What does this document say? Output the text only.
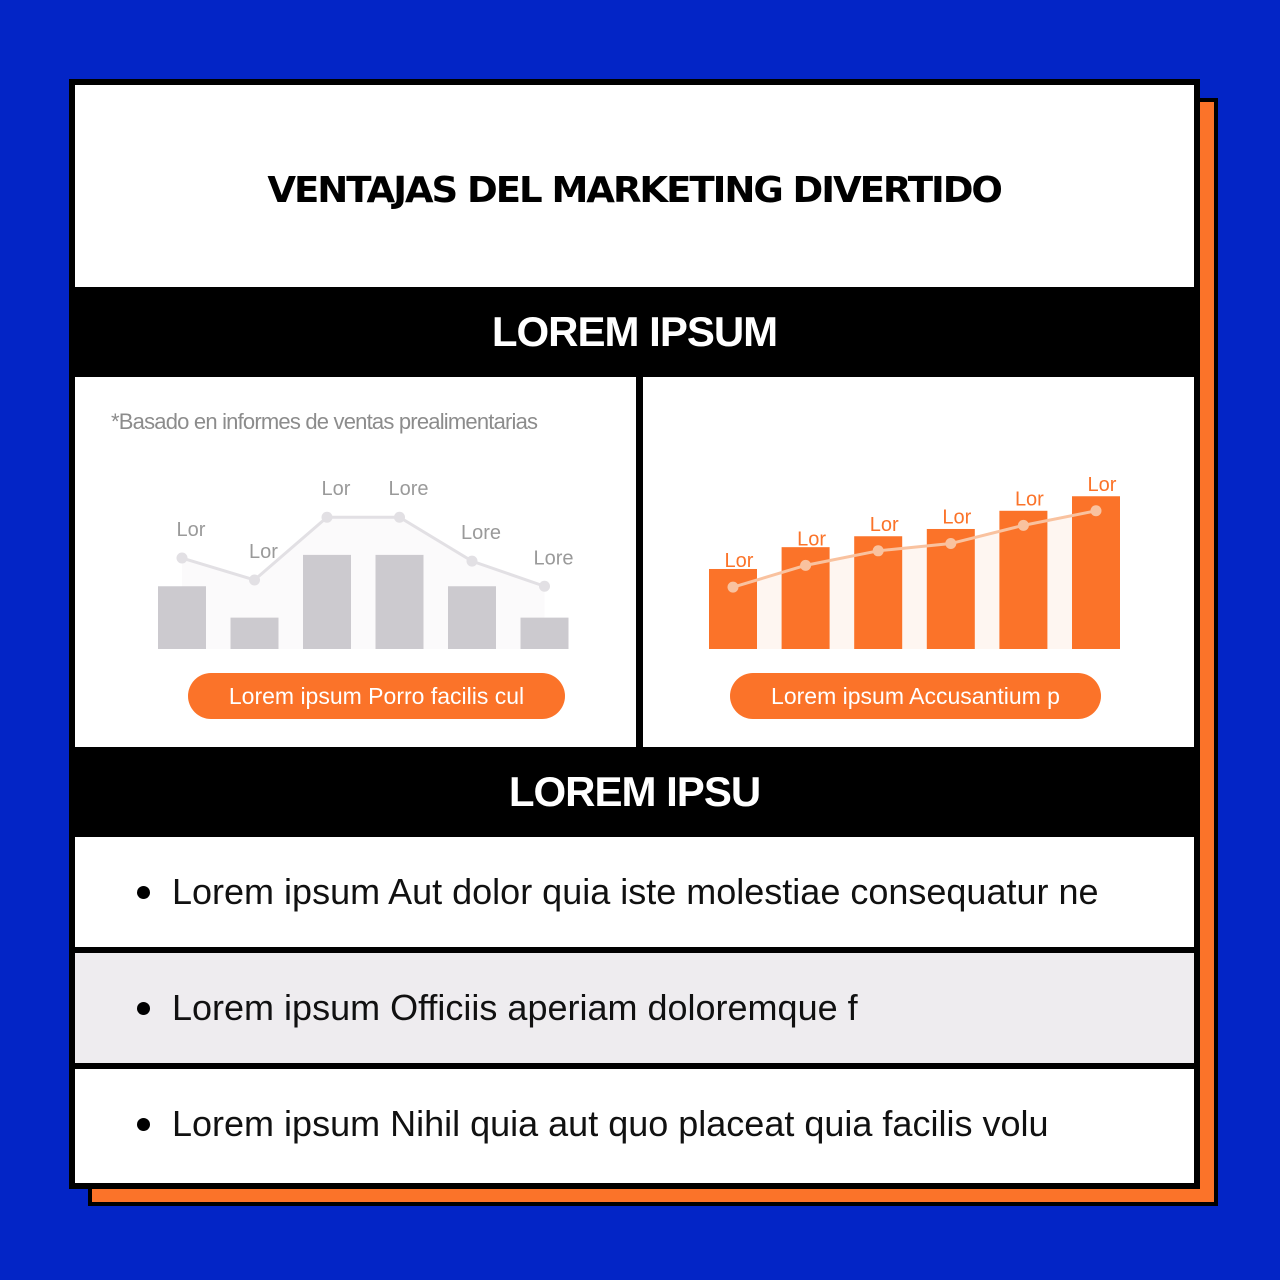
VENTAJAS DEL MARKETING DIVERTIDO
LOREM IPSUM
*Basado en informes de ventas prealimentarias
Lor
Lor
Lor Lore
Lore
Lore
Lorem ipsum Porro facilis cul
Lor
Lor
Lor Lor
Lor
Lor
Lorem ipsum Accusantium p
LOREM IPSU
Lorem ipsum Aut dolor quia iste molestiae consequatur ne
Lorem ipsum Officiis aperiam doloremque f
Lorem ipsum Nihil quia aut quo placeat quia facilis volu
